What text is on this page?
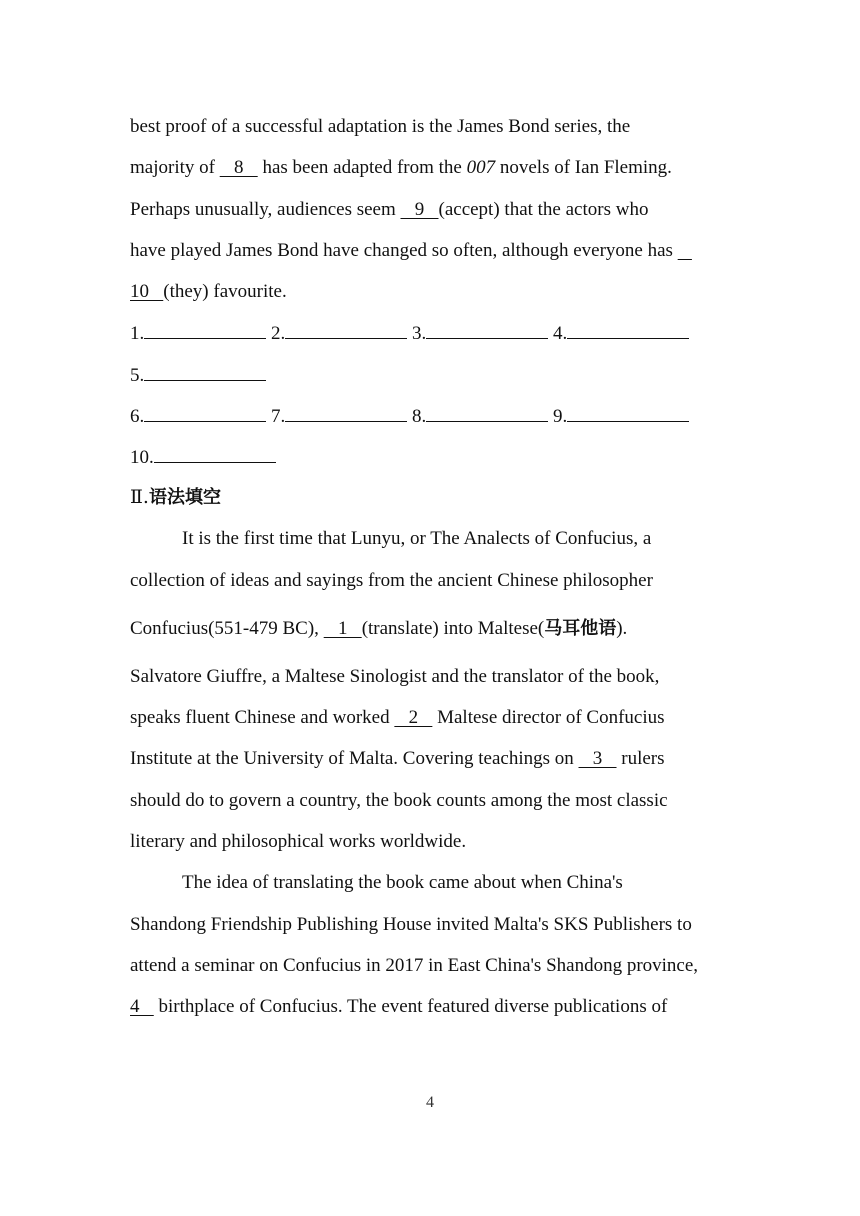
best proof of a successful adaptation is the James Bond series, the
majority of    8    has been adapted from the 007 novels of Ian Fleming.
Perhaps unusually, audiences seem    9   (accept) that the actors who
have played James Bond have changed so often, although everyone has
10   (they) favourite.
1.	2.	3.	4.
5.
6.	7.	8.	9.
10.
Ⅱ.语法填空
It is the first time that Lunyu, or The Analects of Confucius, a
collection of ideas and sayings from the ancient Chinese philosopher
Confucius(551-479 BC),    1   (translate) into Maltese(马耳他语).
Salvatore Giuffre, a Maltese Sinologist and the translator of the book,
speaks fluent Chinese and worked    2    Maltese director of Confucius
Institute at the University of Malta. Covering teachings on    3    rulers
should do to govern a country, the book counts among the most classic
literary and philosophical works worldwide.
The idea of translating the book came about when China's
Shandong Friendship Publishing House invited Malta's SKS Publishers to
attend a seminar on Confucius in 2017 in East China's Shandong province,
4    birthplace of Confucius. The event featured diverse publications of
4
